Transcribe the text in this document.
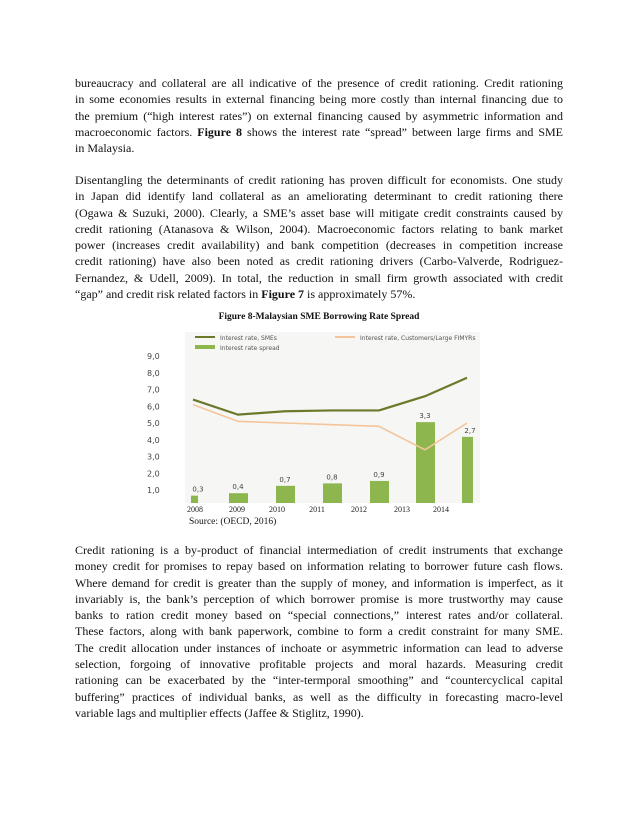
bureaucracy and collateral are all indicative of the presence of credit rationing. Credit rationing
in some economies results in external financing being more costly than internal financing due to
the premium (“high interest rates”) on external financing caused by asymmetric information and
macroeconomic factors. Figure 8 shows the interest rate “spread” between large firms and SME
in Malaysia.
Disentangling the determinants of credit rationing has proven difficult for economists. One study
in Japan did identify land collateral as an ameliorating determinant to credit rationing there
(Ogawa & Suzuki, 2000). Clearly, a SME’s asset base will mitigate credit constraints caused by
credit rationing (Atanasova & Wilson, 2004). Macroeconomic factors relating to bank market
power (increases credit availability) and bank competition (decreases in competition increase
credit rationing) have also been noted as credit rationing drivers (Carbo-Valverde, Rodriguez-
Fernandez, & Udell, 2009). In total, the reduction in small firm growth associated with credit
“gap” and credit risk related factors in Figure 7 is approximately 57%.
Figure 8-Malaysian SME Borrowing Rate Spread
Interest rate, SMEs	Interest rate, Customers/Large FIMYRs
Interest rate spread
1,0
2,0
3,0
4,0
5,0
6,0
7,0
8,0
9,0
0,3	0,4
0,7	0,8	0,9
3,3
2,7
2008	2009	2010	2011	2012	2013	2014
Source: (OECD, 2016)
Credit rationing is a by-product of financial intermediation of credit instruments that exchange
money credit for promises to repay based on information relating to borrower future cash flows.
Where demand for credit is greater than the supply of money, and information is imperfect, as it
invariably is, the bank’s perception of which borrower promise is more trustworthy may cause
banks to ration credit money based on “special connections,” interest rates and/or collateral.
These factors, along with bank paperwork, combine to form a credit constraint for many SME.
The credit allocation under instances of inchoate or asymmetric information can lead to adverse
selection, forgoing of innovative profitable projects and moral hazards. Measuring credit
rationing can be exacerbated by the “inter-termporal smoothing” and “countercyclical capital
buffering” practices of individual banks, as well as the difficulty in forecasting macro-level
variable lags and multiplier effects (Jaffee & Stiglitz, 1990).
